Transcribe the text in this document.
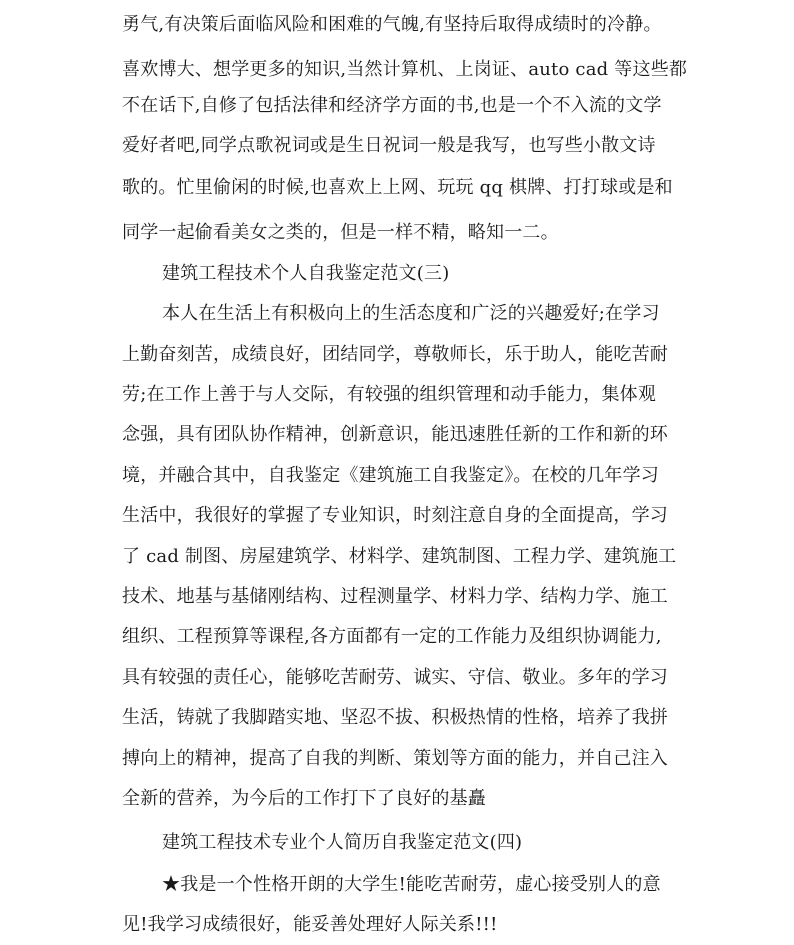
勇气,有决策后面临风险和困难的气魄,有坚持后取得成绩时的冷静。
喜欢博大、想学更多的知识,当然计算机、上岗证、auto cad 等这些都
不在话下,自修了包括法律和经济学方面的书,也是一个不入流的文学
爱好者吧,同学点歌祝词或是生日祝词一般是我写，也写些小散文诗
歌的。忙里偷闲的时候,也喜欢上上网、玩玩 qq 棋牌、打打球或是和
同学一起偷看美女之类的，但是一样不精，略知一二。
建筑工程技术个人自我鉴定范文(三)
本人在生活上有积极向上的生活态度和广泛的兴趣爱好;在学习
上勤奋刻苦，成绩良好，团结同学，尊敬师长，乐于助人，能吃苦耐
劳;在工作上善于与人交际，有较强的组织管理和动手能力，集体观
念强，具有团队协作精神，创新意识，能迅速胜任新的工作和新的环
境，并融合其中，自我鉴定《建筑施工自我鉴定》。在校的几年学习
生活中，我很好的掌握了专业知识，时刻注意自身的全面提高，学习
了 cad 制图、房屋建筑学、材料学、建筑制图、工程力学、建筑施工
技术、地基与基储刚结构、过程测量学、材料力学、结构力学、施工
组织、工程预算等课程,各方面都有一定的工作能力及组织协调能力,
具有较强的责任心，能够吃苦耐劳、诚实、守信、敬业。多年的学习
生活，铸就了我脚踏实地、坚忍不拔、积极热情的性格，培养了我拼
搏向上的精神，提高了自我的判断、策划等方面的能力，并自己注入
全新的营养，为今后的工作打下了良好的基矗
建筑工程技术专业个人简历自我鉴定范文(四)
★我是一个性格开朗的大学生!能吃苦耐劳，虚心接受别人的意
见!我学习成绩很好，能妥善处理好人际关系!!!
